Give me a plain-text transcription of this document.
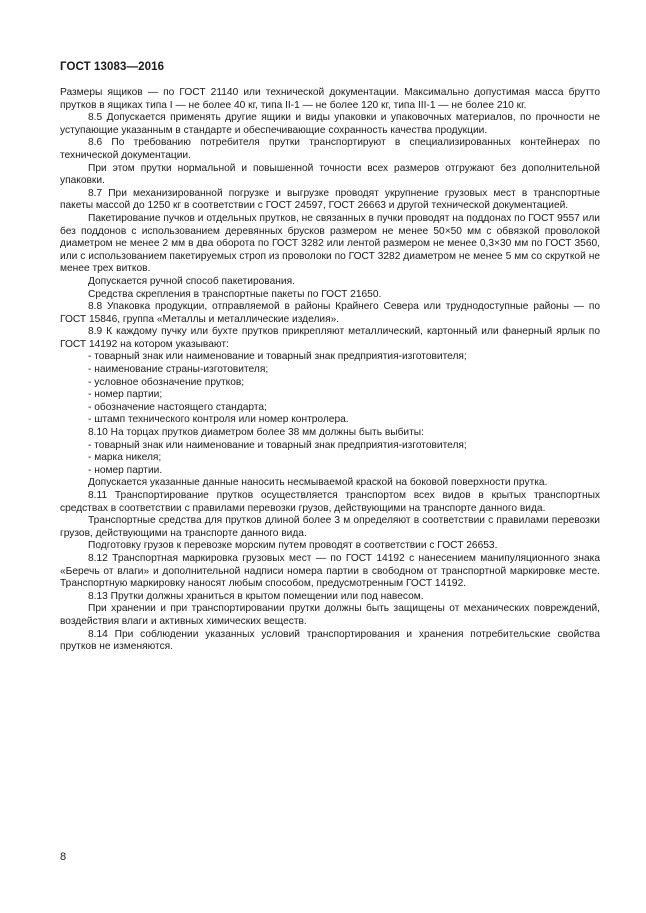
ГОСТ 13083—2016

Размеры ящиков — по ГОСТ 21140 или технической документации. Максимально допустимая масса брутто прутков в ящиках типа I — не более 40 кг, типа II-1 — не более 120 кг, типа III-1 — не более 210 кг.

8.5 Допускается применять другие ящики и виды упаковки и упаковочных материалов, по прочности не уступающие указанным в стандарте и обеспечивающие сохранность качества продукции.

8.6 По требованию потребителя прутки транспортируют в специализированных контейнерах по технической документации.

При этом прутки нормальной и повышенной точности всех размеров отгружают без дополнительной упаковки.

8.7 При механизированной погрузке и выгрузке проводят укрупнение грузовых мест в транспортные пакеты массой до 1250 кг в соответствии с ГОСТ 24597, ГОСТ 26663 и другой технической документацией.

Пакетирование пучков и отдельных прутков, не связанных в пучки проводят на поддонах по ГОСТ 9557 или без поддонов с использованием деревянных брусков размером не менее 50×50 мм с обвязкой проволокой диаметром не менее 2 мм в два оборота по ГОСТ 3282 или лентой размером не менее 0,3×30 мм по ГОСТ 3560, или с использованием пакетируемых строп из проволоки по ГОСТ 3282 диаметром не менее 5 мм со скруткой не менее трех витков.

Допускается ручной способ пакетирования.

Средства скрепления в транспортные пакеты по ГОСТ 21650.

8.8 Упаковка продукции, отправляемой в районы Крайнего Севера или труднодоступные районы — по ГОСТ 15846, группа «Металлы и металлические изделия».

8.9 К каждому пучку или бухте прутков прикрепляют металлический, картонный или фанерный ярлык по ГОСТ 14192 на котором указывают:

- товарный знак или наименование и товарный знак предприятия-изготовителя;

- наименование страны-изготовителя;

- условное обозначение прутков;

- номер партии;

- обозначение настоящего стандарта;

- штамп технического контроля или номер контролера.

8.10 На торцах прутков диаметром более 38 мм должны быть выбиты:

- товарный знак или наименование и товарный знак предприятия-изготовителя;

- марка никеля;

- номер партии.

Допускается указанные данные наносить несмываемой краской на боковой поверхности прутка.

8.11 Транспортирование прутков осуществляется транспортом всех видов в крытых транспортных средствах в соответствии с правилами перевозки грузов, действующими на транспорте данного вида.

Транспортные средства для прутков длиной более 3 м определяют в соответствии с правилами перевозки грузов, действующими на транспорте данного вида.

Подготовку грузов к перевозке морским путем проводят в соответствии с ГОСТ 26653.

8.12 Транспортная маркировка грузовых мест — по ГОСТ 14192 с нанесением манипуляционного знака «Беречь от влаги» и дополнительной надписи номера партии в свободном от транспортной маркировке месте. Транспортную маркировку наносят любым способом, предусмотренным ГОСТ 14192.

8.13 Прутки должны храниться в крытом помещении или под навесом.

При хранении и при транспортировании прутки должны быть защищены от механических повреждений, воздействия влаги и активных химических веществ.

8.14 При соблюдении указанных условий транспортирования и хранения потребительские свойства прутков не изменяются.

8
